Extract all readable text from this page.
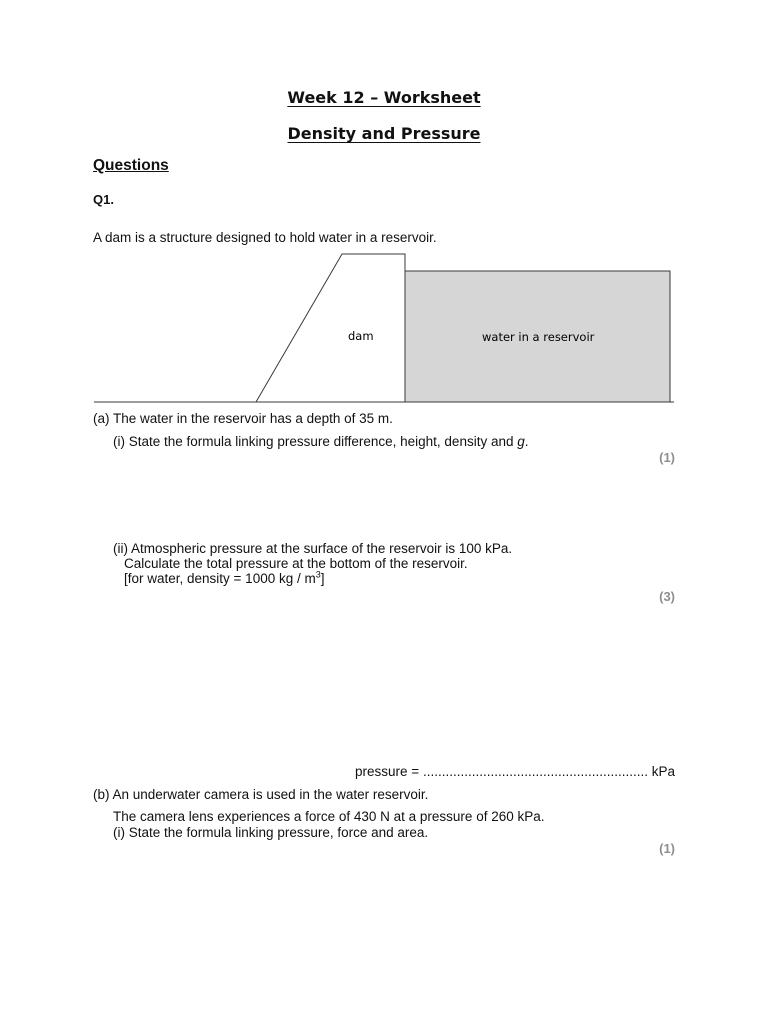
Week 12 – Worksheet
Density and Pressure
Questions
Q1.
A dam is a structure designed to hold water in a reservoir.
dam	water in a reservoir
(a) The water in the reservoir has a depth of 35 m.
(i) State the formula linking pressure difference, height, density and g.
(1)
(ii) Atmospheric pressure at the surface of the reservoir is 100 kPa.
Calculate the total pressure at the bottom of the reservoir.
[for water, density = 1000 kg / $m^3$]
(3)
pressure = ............................................................ kPa
(b) An underwater camera is used in the water reservoir.
The camera lens experiences a force of 430 N at a pressure of 260 kPa.
(i) State the formula linking pressure, force and area.
(1)
